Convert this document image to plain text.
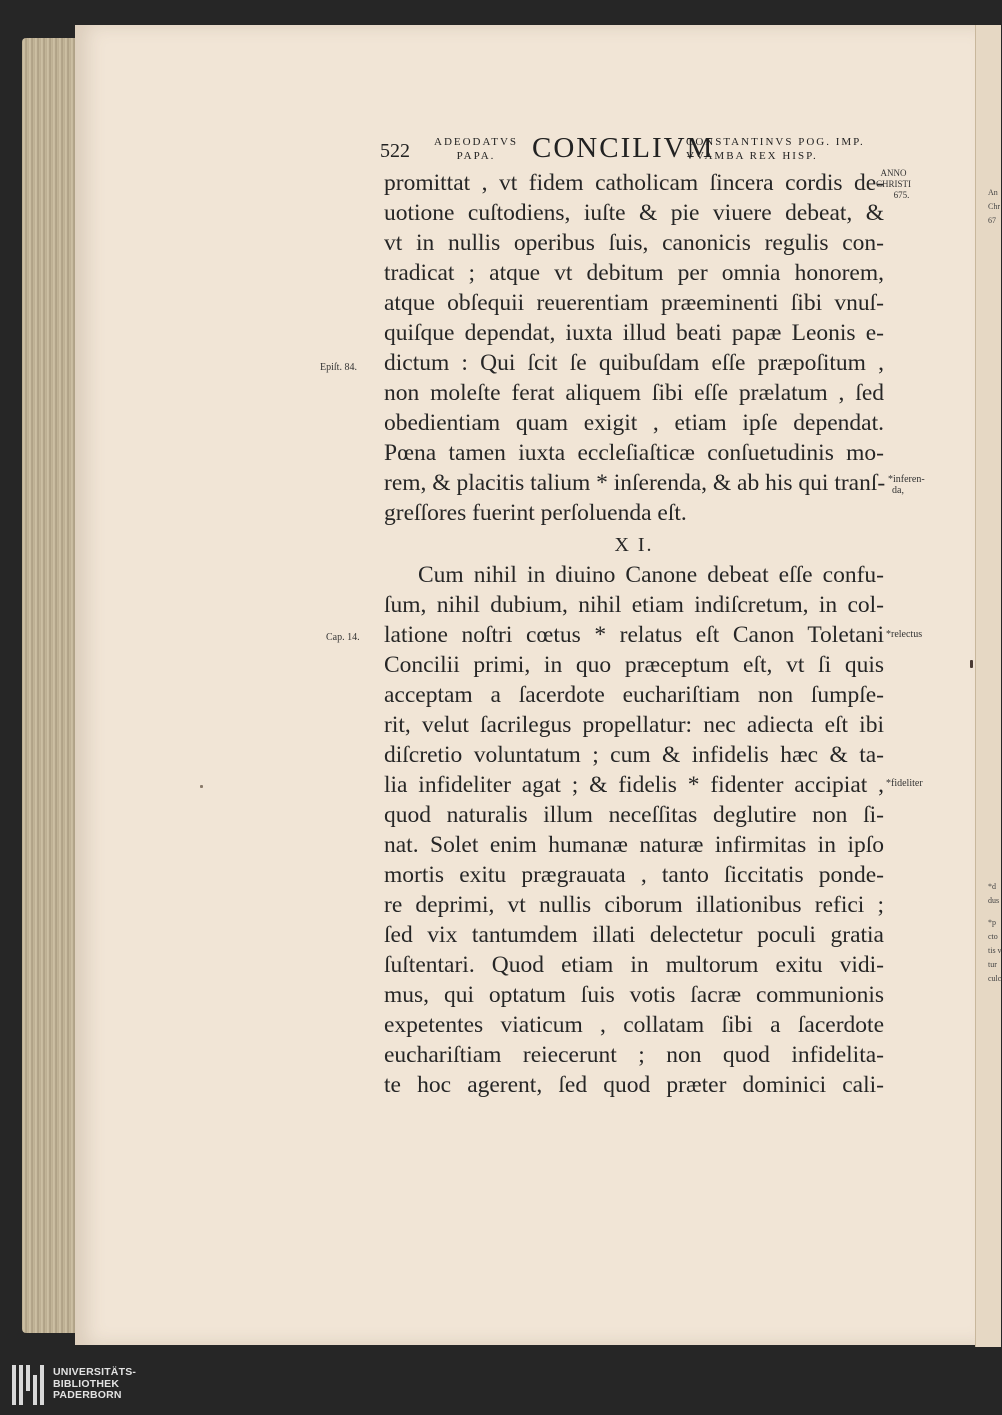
An
Chr
67
*d
dus
*p
cto
tis v
tur
culc
522 ADEODATVS
PAPA.	CONCILIVM
CONSTANTINVS POG. IMP.
VVAMBA REX HISP.
ANNO
CHRISTI
675.
promittat , vt fidem catholicam ſincera cordis de-
uotione cuſtodiens, iuſte & pie viuere debeat, &
vt in nullis operibus ſuis, canonicis regulis con-
tradicat ; atque vt debitum per omnia honorem,
atque obſequii reuerentiam præeminenti ſibi vnuſ-
quiſque dependat, iuxta illud beati papæ Leonis e-
dictum : Qui ſcit ſe quibuſdam eſſe præpoſitum ,
non moleſte ferat aliquem ſibi eſſe prælatum , ſed
obedientiam quam exigit , etiam ipſe dependat.
Pœna tamen iuxta eccleſiaſticæ conſuetudinis mo-
rem, & placitis talium * inſerenda, & ab his qui tranſ-
greſſores fuerint perſoluenda eſt.
X I.
Cum nihil in diuino Canone debeat eſſe confu-
ſum, nihil dubium, nihil etiam indiſcretum, in col-
latione noſtri cœtus * relatus eſt Canon Toletani
Concilii primi, in quo præceptum eſt, vt ſi quis
acceptam a ſacerdote euchariſtiam non ſumpſe-
rit, velut ſacrilegus propellatur: nec adiecta eſt ibi
diſcretio voluntatum ; cum & infidelis hæc & ta-
lia infideliter agat ; & fidelis * fidenter accipiat ,
quod naturalis illum neceſſitas deglutire non ſi-
nat. Solet enim humanæ naturæ infirmitas in ipſo
mortis exitu prægrauata , tanto ſiccitatis ponde-
re deprimi, vt nullis ciborum illationibus refici ;
ſed vix tantumdem illati delectetur poculi gratia
ſuſtentari. Quod etiam in multorum exitu vidi-
mus, qui optatum ſuis votis ſacræ communionis
expetentes viaticum , collatam ſibi a ſacerdote
euchariſtiam reiecerunt ; non quod infidelita-
te hoc agerent, ſed quod præter dominici cali-
Epiſt. 84.
Cap. 14.
*inferen-
da,
*relectus
*fideliter
UNIVERSITÄTS-
BIBLIOTHEK
PADERBORN
